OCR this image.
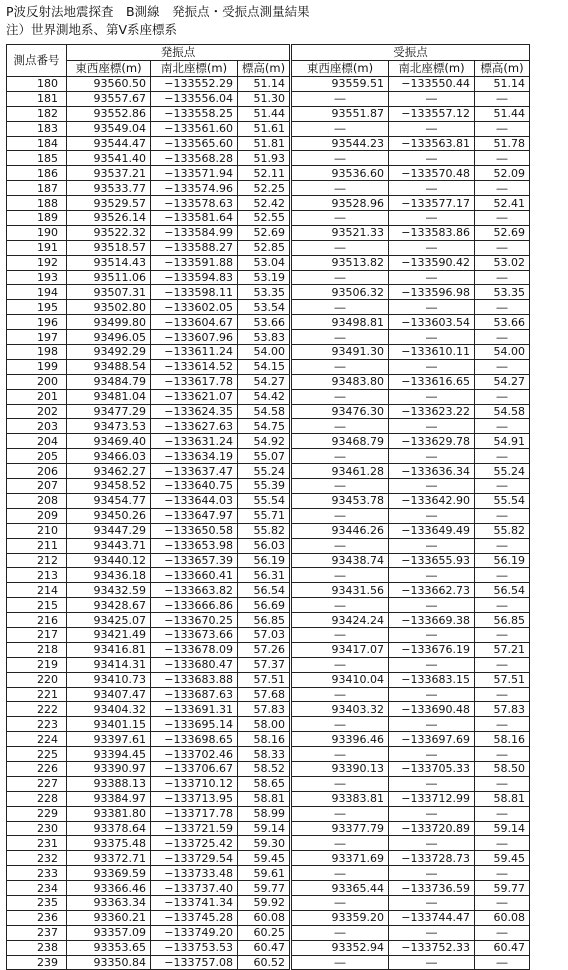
P波反射法地震探査　B測線　発振点・受振点測量結果
注）世界測地系、第Ⅴ系座標系
測点番号	発振点			受振点		
	東西座標(m)	南北座標(m)	標高(m)	東西座標(m)	南北座標(m)	標高(m)
180	93560.50	−133552.29	51.14	93559.51	−133550.44	51.14
181	93557.67	−133556.04	51.30	―	―	―
182	93552.86	−133558.25	51.44	93551.87	−133557.12	51.44
183	93549.04	−133561.60	51.61	―	―	―
184	93544.47	−133565.60	51.81	93544.23	−133563.81	51.78
185	93541.40	−133568.28	51.93	―	―	―
186	93537.21	−133571.94	52.11	93536.60	−133570.48	52.09
187	93533.77	−133574.96	52.25	―	―	―
188	93529.57	−133578.63	52.42	93528.96	−133577.17	52.41
189	93526.14	−133581.64	52.55	―	―	―
190	93522.32	−133584.99	52.69	93521.33	−133583.86	52.69
191	93518.57	−133588.27	52.85	―	―	―
192	93514.43	−133591.88	53.04	93513.82	−133590.42	53.02
193	93511.06	−133594.83	53.19	―	―	―
194	93507.31	−133598.11	53.35	93506.32	−133596.98	53.35
195	93502.80	−133602.05	53.54	―	―	―
196	93499.80	−133604.67	53.66	93498.81	−133603.54	53.66
197	93496.05	−133607.96	53.83	―	―	―
198	93492.29	−133611.24	54.00	93491.30	−133610.11	54.00
199	93488.54	−133614.52	54.15	―	―	―
200	93484.79	−133617.78	54.27	93483.80	−133616.65	54.27
201	93481.04	−133621.07	54.42	―	―	―
202	93477.29	−133624.35	54.58	93476.30	−133623.22	54.58
203	93473.53	−133627.63	54.75	―	―	―
204	93469.40	−133631.24	54.92	93468.79	−133629.78	54.91
205	93466.03	−133634.19	55.07	―	―	―
206	93462.27	−133637.47	55.24	93461.28	−133636.34	55.24
207	93458.52	−133640.75	55.39	―	―	―
208	93454.77	−133644.03	55.54	93453.78	−133642.90	55.54
209	93450.26	−133647.97	55.71	―	―	―
210	93447.29	−133650.58	55.82	93446.26	−133649.49	55.82
211	93443.71	−133653.98	56.03	―	―	―
212	93440.12	−133657.39	56.19	93438.74	−133655.93	56.19
213	93436.18	−133660.41	56.31	―	―	―
214	93432.59	−133663.82	56.54	93431.56	−133662.73	56.54
215	93428.67	−133666.86	56.69	―	―	―
216	93425.07	−133670.25	56.85	93424.24	−133669.38	56.85
217	93421.49	−133673.66	57.03	―	―	―
218	93416.81	−133678.09	57.26	93417.07	−133676.19	57.21
219	93414.31	−133680.47	57.37	―	―	―
220	93410.73	−133683.88	57.51	93410.04	−133683.15	57.51
221	93407.47	−133687.63	57.68	―	―	―
222	93404.32	−133691.31	57.83	93403.32	−133690.48	57.83
223	93401.15	−133695.14	58.00	―	―	―
224	93397.61	−133698.65	58.16	93396.46	−133697.69	58.16
225	93394.45	−133702.46	58.33	―	―	―
226	93390.97	−133706.67	58.52	93390.13	−133705.33	58.50
227	93388.13	−133710.12	58.65	―	―	―
228	93384.97	−133713.95	58.81	93383.81	−133712.99	58.81
229	93381.80	−133717.78	58.99	―	―	―
230	93378.64	−133721.59	59.14	93377.79	−133720.89	59.14
231	93375.48	−133725.42	59.30	―	―	―
232	93372.71	−133729.54	59.45	93371.69	−133728.73	59.45
233	93369.59	−133733.48	59.61	―	―	―
234	93366.46	−133737.40	59.77	93365.44	−133736.59	59.77
235	93363.34	−133741.34	59.92	―	―	―
236	93360.21	−133745.28	60.08	93359.20	−133744.47	60.08
237	93357.09	−133749.20	60.25	―	―	―
238	93353.65	−133753.53	60.47	93352.94	−133752.33	60.47
239	93350.84	−133757.08	60.52	―	―	―
